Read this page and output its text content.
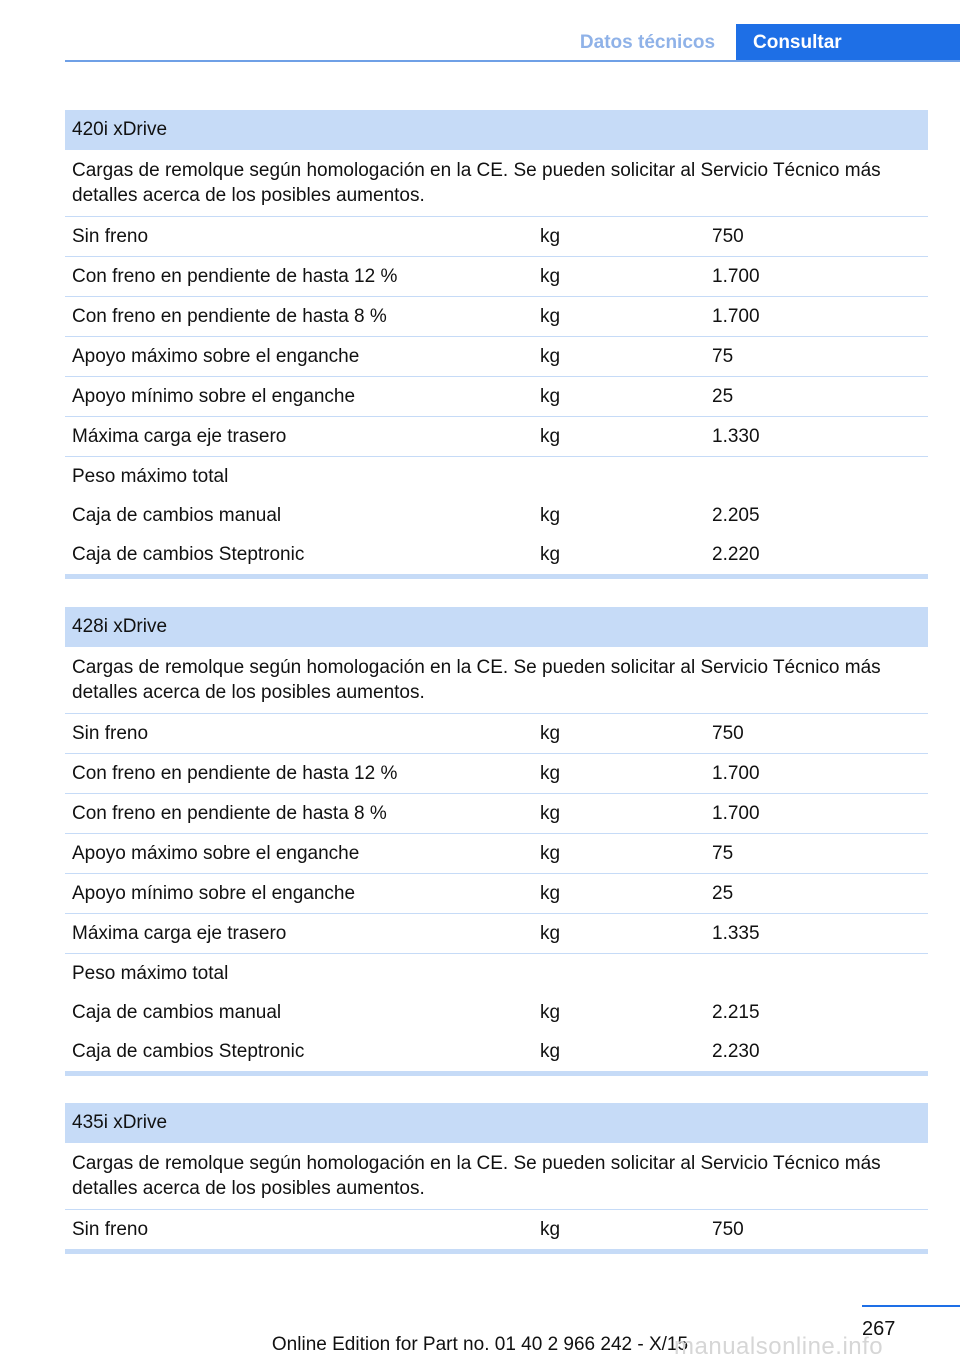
Datos técnicos	Consultar
420i xDrive
Cargas de remolque según homologación en la CE. Se pueden solicitar al Servicio Técnico más detalles acerca de los posibles aumentos.
Sin freno	kg	750
Con freno en pendiente de hasta 12 %	kg	1.700
Con freno en pendiente de hasta 8 %	kg	1.700
Apoyo máximo sobre el enganche	kg	75
Apoyo mínimo sobre el enganche	kg	25
Máxima carga eje trasero	kg	1.330
Peso máximo total
Caja de cambios manual	kg	2.205
Caja de cambios Steptronic	kg	2.220
428i xDrive
Cargas de remolque según homologación en la CE. Se pueden solicitar al Servicio Técnico más detalles acerca de los posibles aumentos.
Sin freno	kg	750
Con freno en pendiente de hasta 12 %	kg	1.700
Con freno en pendiente de hasta 8 %	kg	1.700
Apoyo máximo sobre el enganche	kg	75
Apoyo mínimo sobre el enganche	kg	25
Máxima carga eje trasero	kg	1.335
Peso máximo total
Caja de cambios manual	kg	2.215
Caja de cambios Steptronic	kg	2.230
435i xDrive
Cargas de remolque según homologación en la CE. Se pueden solicitar al Servicio Técnico más detalles acerca de los posibles aumentos.
Sin freno	kg	750
267
Online Edition for Part no. 01 40 2 966 242 - X/15
manualsonline.info
